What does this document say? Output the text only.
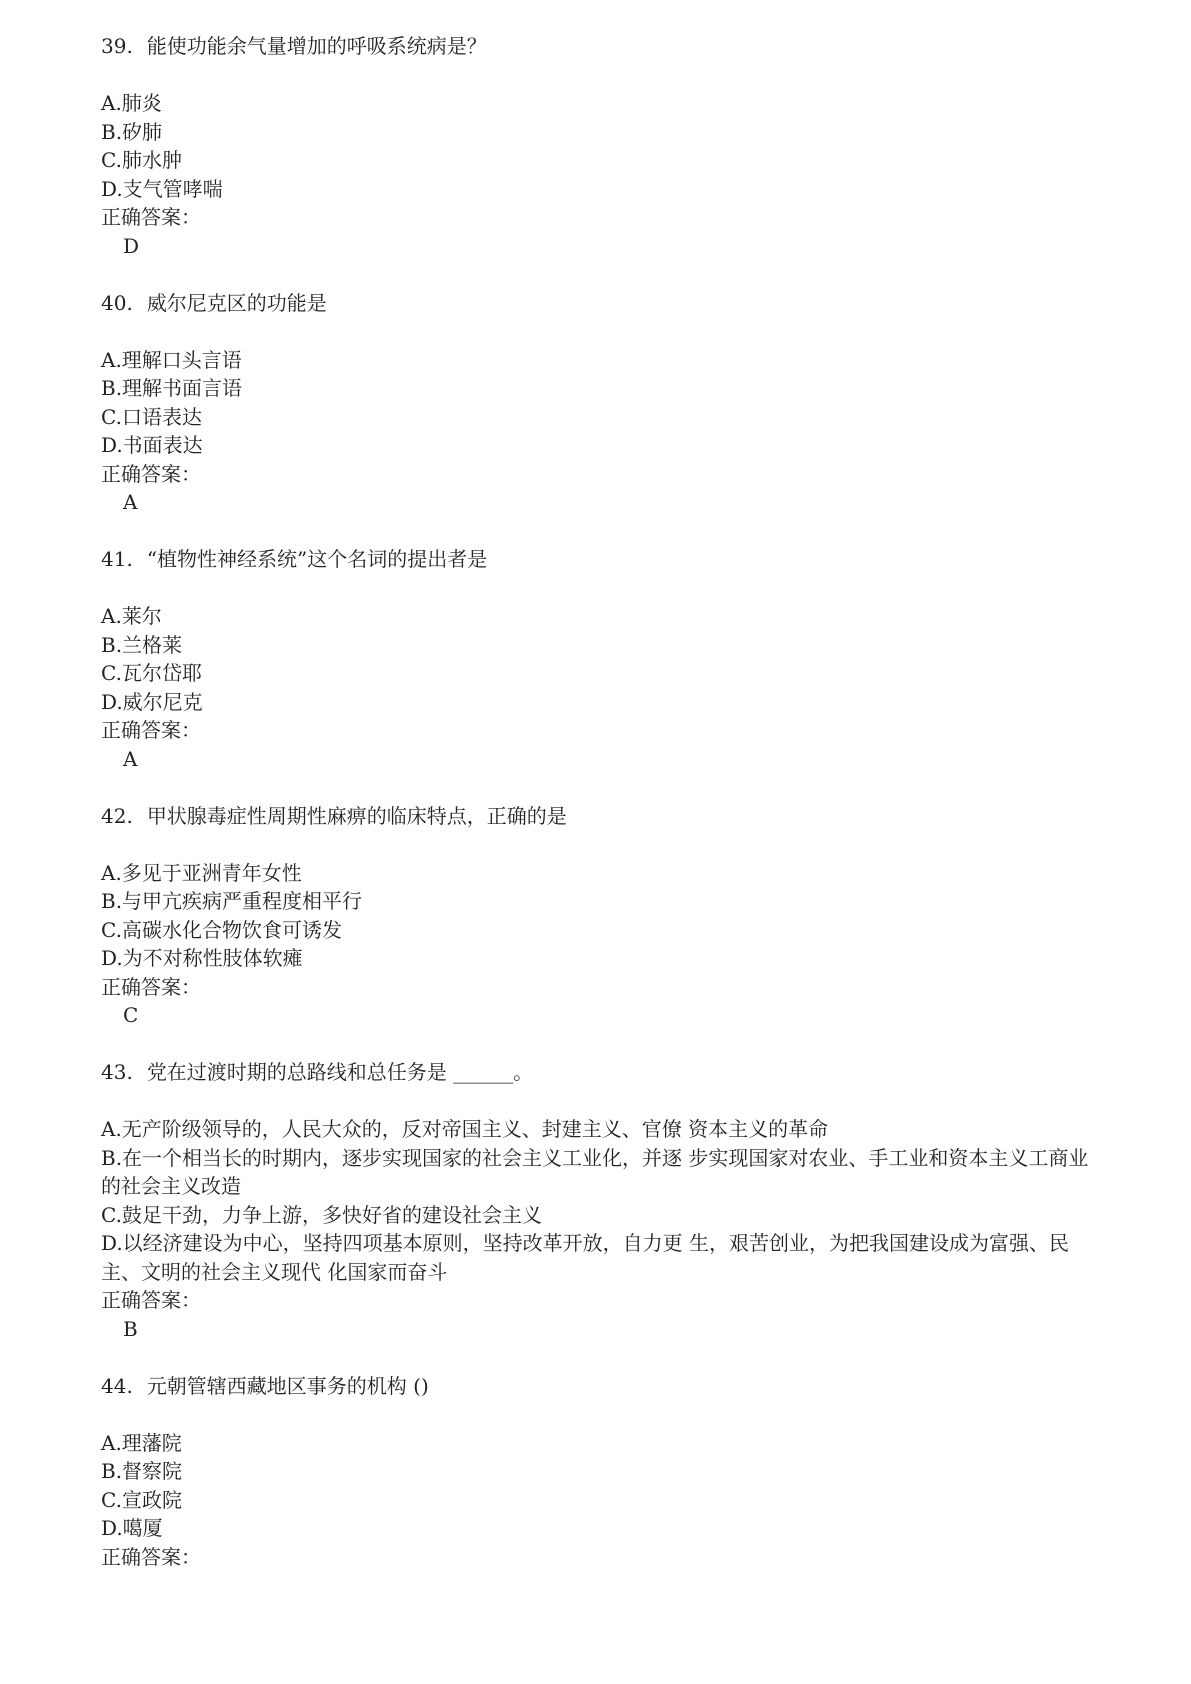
39. 能使功能余气量增加的呼吸系统病是？
A.肺炎
B.矽肺
C.肺水肿
D.支气管哮喘
正确答案：
D
40. 威尔尼克区的功能是
A.理解口头言语
B.理解书面言语
C.口语表达
D.书面表达
正确答案：
A
41. “植物性神经系统”这个名词的提出者是
A.莱尔
B.兰格莱
C.瓦尔岱耶
D.威尔尼克
正确答案：
A
42. 甲状腺毒症性周期性麻痹的临床特点，正确的是
A.多见于亚洲青年女性
B.与甲亢疾病严重程度相平行
C.高碳水化合物饮食可诱发
D.为不对称性肢体软瘫
正确答案：
C
43. 党在过渡时期的总路线和总任务是 ______。
A.无产阶级领导的，人民大众的，反对帝国主义、封建主义、官僚 资本主义的革命
B.在一个相当长的时期内，逐步实现国家的社会主义工业化，并逐 步实现国家对农业、手工业和资本主义工商业的社会主义改造
C.鼓足干劲，力争上游，多快好省的建设社会主义
D.以经济建设为中心，坚持四项基本原则，坚持改革开放，自力更 生，艰苦创业，为把我国建设成为富强、民主、文明的社会主义现代 化国家而奋斗
正确答案：
B
44. 元朝管辖西藏地区事务的机构 ()
A.理藩院
B.督察院
C.宣政院
D.噶厦
正确答案：
